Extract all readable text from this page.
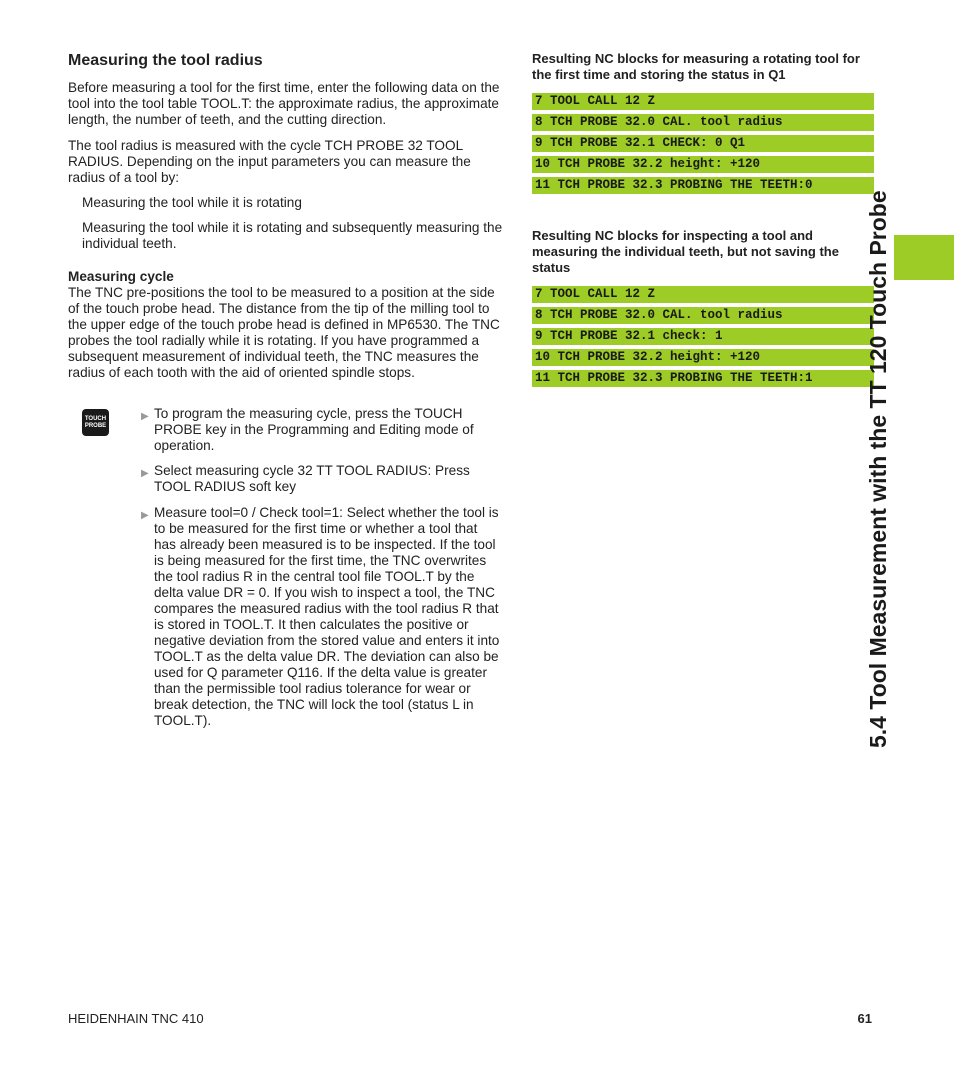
Measuring the tool radius

Before measuring a tool for the first time, enter the following data on the tool into the tool table TOOL.T: the approximate radius, the approximate length, the number of teeth, and the cutting direction.

The tool radius is measured with the cycle TCH PROBE 32 TOOL RADIUS. Depending on the input parameters you can measure the radius of a tool by:

Measuring the tool while it is rotating

Measuring the tool while it is rotating and subsequently measuring the individual teeth.

Measuring cycle

The TNC pre-positions the tool to be measured to a position at the side of the touch probe head. The distance from the tip of the milling tool to the upper edge of the touch probe head is defined in MP6530. The TNC probes the tool radially while it is rotating. If you have programmed a subsequent measurement of individual teeth, the TNC measures the radius of each tooth with the aid of oriented spindle stops.

TOUCH
PROBE
▶ To program the measuring cycle, press the TOUCH PROBE key in the Programming and Editing mode of operation.
▶ Select measuring cycle 32 TT TOOL RADIUS: Press TOOL RADIUS soft key
▶ Measure tool=0 / Check tool=1: Select whether the tool is to be measured for the first time or whether a tool that has already been measured is to be inspected. If the tool is being measured for the first time, the TNC overwrites the tool radius R in the central tool file TOOL.T by the delta value DR = 0. If you wish to inspect a tool, the TNC compares the measured radius with the tool radius R that is stored in TOOL.T. It then calculates the positive or negative deviation from the stored value and enters it into TOOL.T as the delta value DR. The deviation can also be used for Q parameter Q116. If the delta value is greater than the permissible tool radius tolerance for wear or break detection, the TNC will lock the tool (status L in TOOL.T).
Resulting NC blocks for measuring a rotating tool for the first time and storing the status in Q1
7 TOOL CALL 12 Z
8 TCH PROBE 32.0 CAL. tool radius
9 TCH PROBE 32.1 CHECK: 0 Q1
10 TCH PROBE 32.2 height: +120
11 TCH PROBE 32.3 PROBING THE TEETH:0
Resulting NC blocks for inspecting a tool and measuring the individual teeth, but not saving the status
7 TOOL CALL 12 Z
8 TCH PROBE 32.0 CAL. tool radius
9 TCH PROBE 32.1 check: 1
10 TCH PROBE 32.2 height: +120
11 TCH PROBE 32.3 PROBING THE TEETH:1	5.4 Tool Measurement with the TT 120 Touch Probe
HEIDENHAIN TNC 410	61
